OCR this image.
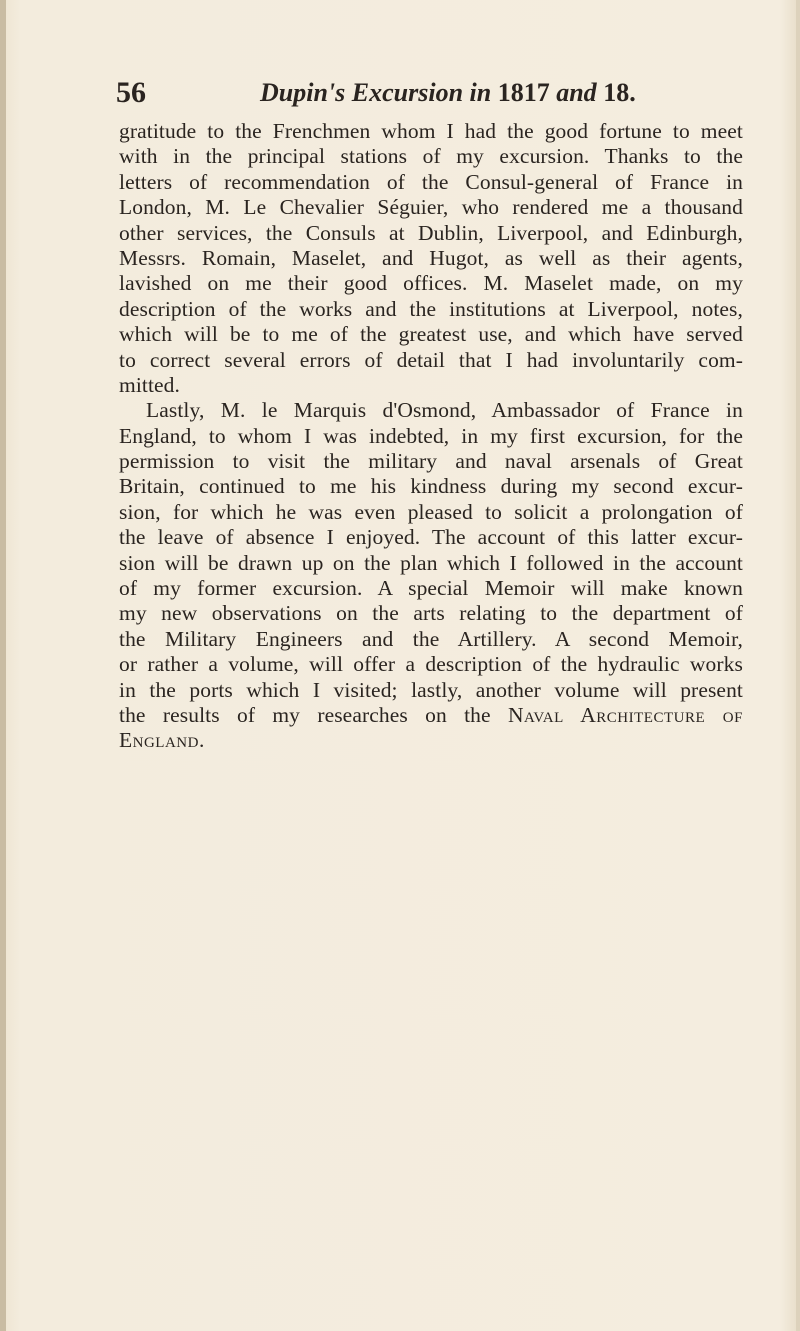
56	Dupin's Excursion in 1817 and 18.
gratitude to the Frenchmen whom I had the good fortune to meet
with in the principal stations of my excursion. Thanks to the
letters of recommendation of the Consul-general of France in
London, M. Le Chevalier Séguier, who rendered me a thousand
other services, the Consuls at Dublin, Liverpool, and Edinburgh,
Messrs. Romain, Maselet, and Hugot, as well as their agents,
lavished on me their good offices. M. Maselet made, on my
description of the works and the institutions at Liverpool, notes,
which will be to me of the greatest use, and which have served
to correct several errors of detail that I had involuntarily com-
mitted.
Lastly, M. le Marquis d'Osmond, Ambassador of France in
England, to whom I was indebted, in my first excursion, for the
permission to visit the military and naval arsenals of Great
Britain, continued to me his kindness during my second excur-
sion, for which he was even pleased to solicit a prolongation of
the leave of absence I enjoyed. The account of this latter excur-
sion will be drawn up on the plan which I followed in the account
of my former excursion. A special Memoir will make known
my new observations on the arts relating to the department of
the Military Engineers and the Artillery. A second Memoir,
or rather a volume, will offer a description of the hydraulic works
in the ports which I visited; lastly, another volume will present
the results of my researches on the Naval Architecture of
England.
